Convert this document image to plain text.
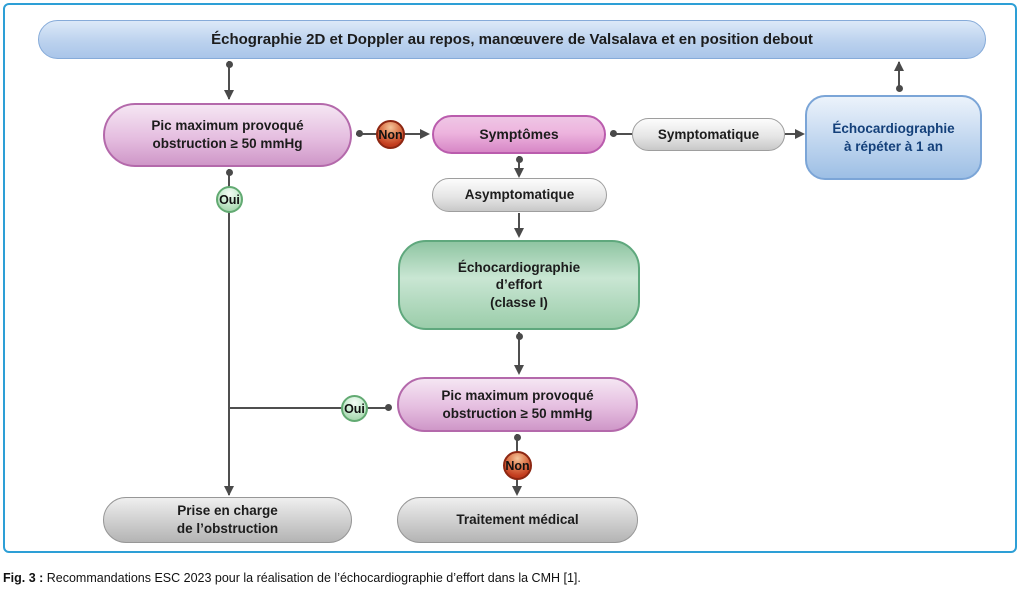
Échographie 2D et Doppler au repos, manœuvere de Valsalava et en position debout
Pic maximum provoqué
obstruction ≥ 50 mmHg
Symptômes	Symptomatique	Échocardiographie
à répéter à 1 an
Asymptomatique
Échocardiographie
d’effort
(classe I)
Pic maximum provoqué
obstruction ≥ 50 mmHg
Prise en charge
de l’obstruction
Traitement médical
Non
Oui
Oui
Non
Fig. 3 : Recommandations ESC 2023 pour la réalisation de l’échocardiographie d’effort dans la CMH [1].
